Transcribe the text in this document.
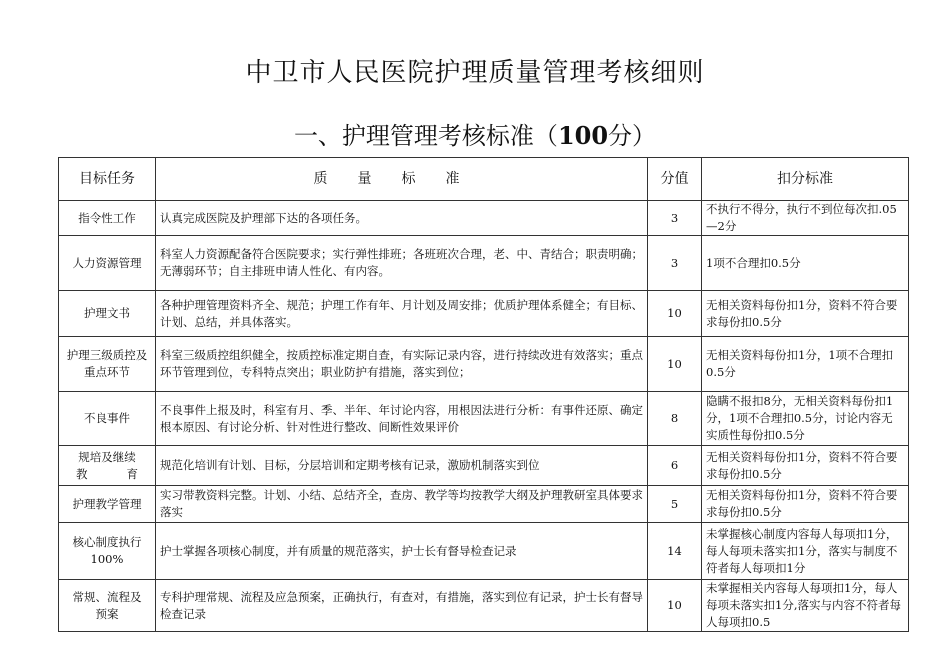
中卫市人民医院护理质量管理考核细则
一、护理管理考核标准（100分）
目标任务	质量标准	分值	扣分标准
指令性工作	认真完成医院及护理部下达的各项任务。	3	不执行不得分，执行不到位每次扣.05—2分
人力资源管理	科室人力资源配备符合医院要求；实行弹性排班；各班班次合理，老、中、青结合；职责明确；无薄弱环节；自主排班申请人性化、有内容。	3	1项不合理扣0.5分
护理文书	各种护理管理资料齐全、规范；护理工作有年、月计划及周安排；优质护理体系健全；有目标、计划、总结，并具体落实。	10	无相关资料每份扣1分，资料不符合要求每份扣0.5分
护理三级质控及重点环节	科室三级质控组织健全，按质控标准定期自查，有实际记录内容，进行持续改进有效落实；重点环节管理到位，专科特点突出；职业防护有措施，落实到位；	10	无相关资料每份扣1分，1项不合理扣0.5分
不良事件	不良事件上报及时，科室有月、季、半年、年讨论内容，用根因法进行分析：有事件还原、确定根本原因、有讨论分析、针对性进行整改、间断性效果评价	8	隐瞒不报扣8分，无相关资料每份扣1分，1项不合理扣0.5分，讨论内容无实质性每份扣0.5分

规培及继续
教 育	规范化培训有计划、目标，分层培训和定期考核有记录，激励机制落实到位	6	无相关资料每份扣1分，资料不符合要求每份扣0.5分
护理教学管理	实习带教资料完整。计划、小结、总结齐全，查房、教学等均按教学大纲及护理教研室具体要求落实	5	无相关资料每份扣1分，资料不符合要求每份扣0.5分

核心制度执行
100%	护士掌握各项核心制度，并有质量的规范落实，护士长有督导检查记录	14	未掌握核心制度内容每人每项扣1分，每人每项未落实扣1分，落实与制度不符者每人每项扣1分

常规、流程及
预案	专科护理常规、流程及应急预案，正确执行，有查对，有措施，落实到位有记录，护士长有督导检查记录	10	未掌握相关内容每人每项扣1分，每人每项未落实扣1分,落实与内容不符者每人每项扣0.5
